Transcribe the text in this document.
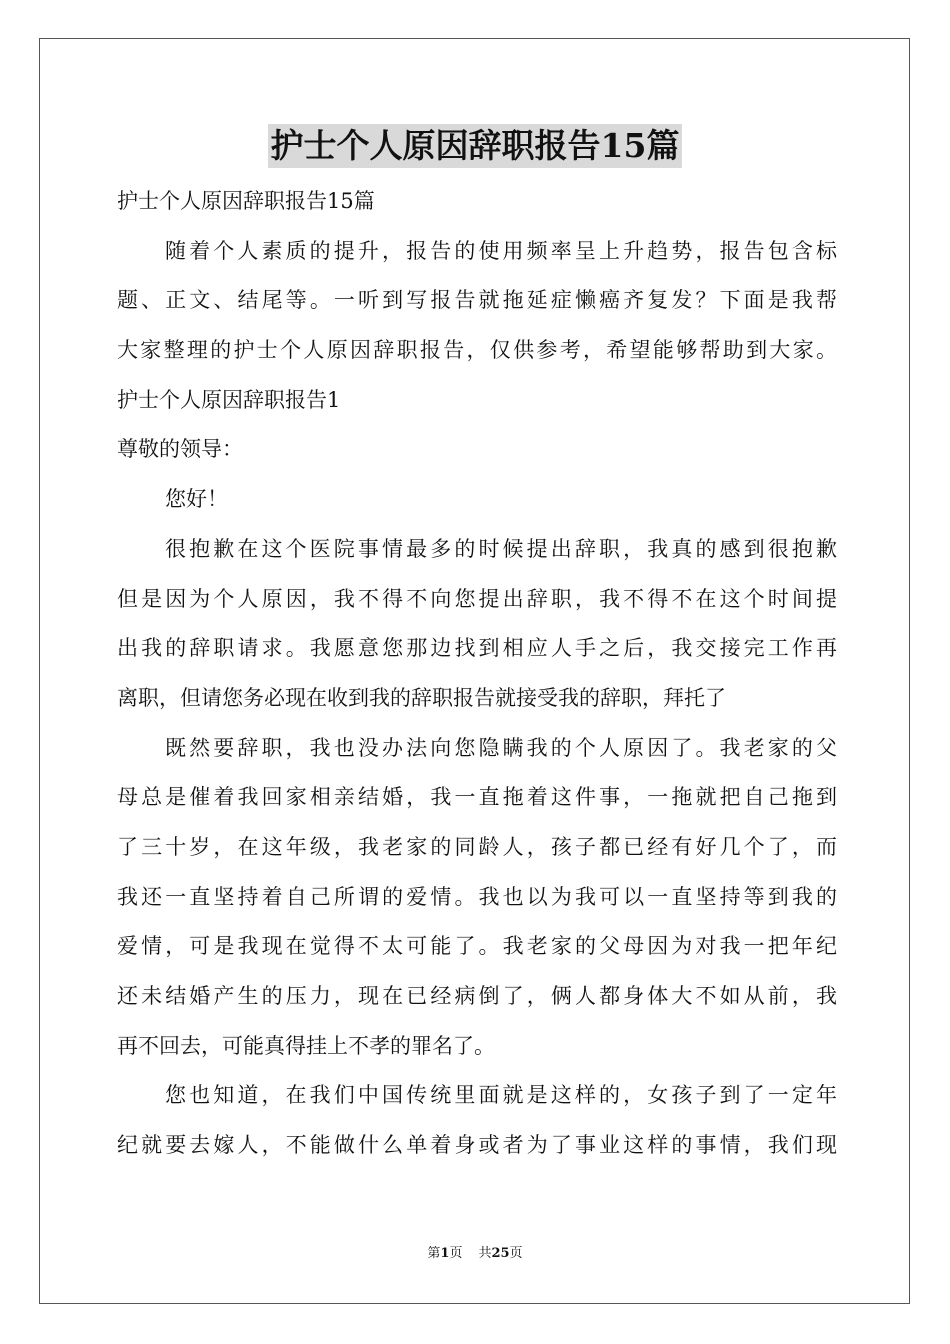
护士个人原因辞职报告15篇
护士个人原因辞职报告15篇
随着个人素质的提升，报告的使用频率呈上升趋势，报告包含标
题、正文、结尾等。一听到写报告就拖延症懒癌齐复发？下面是我帮
大家整理的护士个人原因辞职报告，仅供参考，希望能够帮助到大家。
护士个人原因辞职报告1
尊敬的领导：
您好！
很抱歉在这个医院事情最多的时候提出辞职，我真的感到很抱歉
但是因为个人原因，我不得不向您提出辞职，我不得不在这个时间提
出我的辞职请求。我愿意您那边找到相应人手之后，我交接完工作再
离职，但请您务必现在收到我的辞职报告就接受我的辞职，拜托了
既然要辞职，我也没办法向您隐瞒我的个人原因了。我老家的父
母总是催着我回家相亲结婚，我一直拖着这件事，一拖就把自己拖到
了三十岁，在这年级，我老家的同龄人，孩子都已经有好几个了，而
我还一直坚持着自己所谓的爱情。我也以为我可以一直坚持等到我的
爱情，可是我现在觉得不太可能了。我老家的父母因为对我一把年纪
还未结婚产生的压力，现在已经病倒了，俩人都身体大不如从前，我
再不回去，可能真得挂上不孝的罪名了。
您也知道，在我们中国传统里面就是这样的，女孩子到了一定年
纪就要去嫁人，不能做什么单着身或者为了事业这样的事情，我们现
第1页 共25页
